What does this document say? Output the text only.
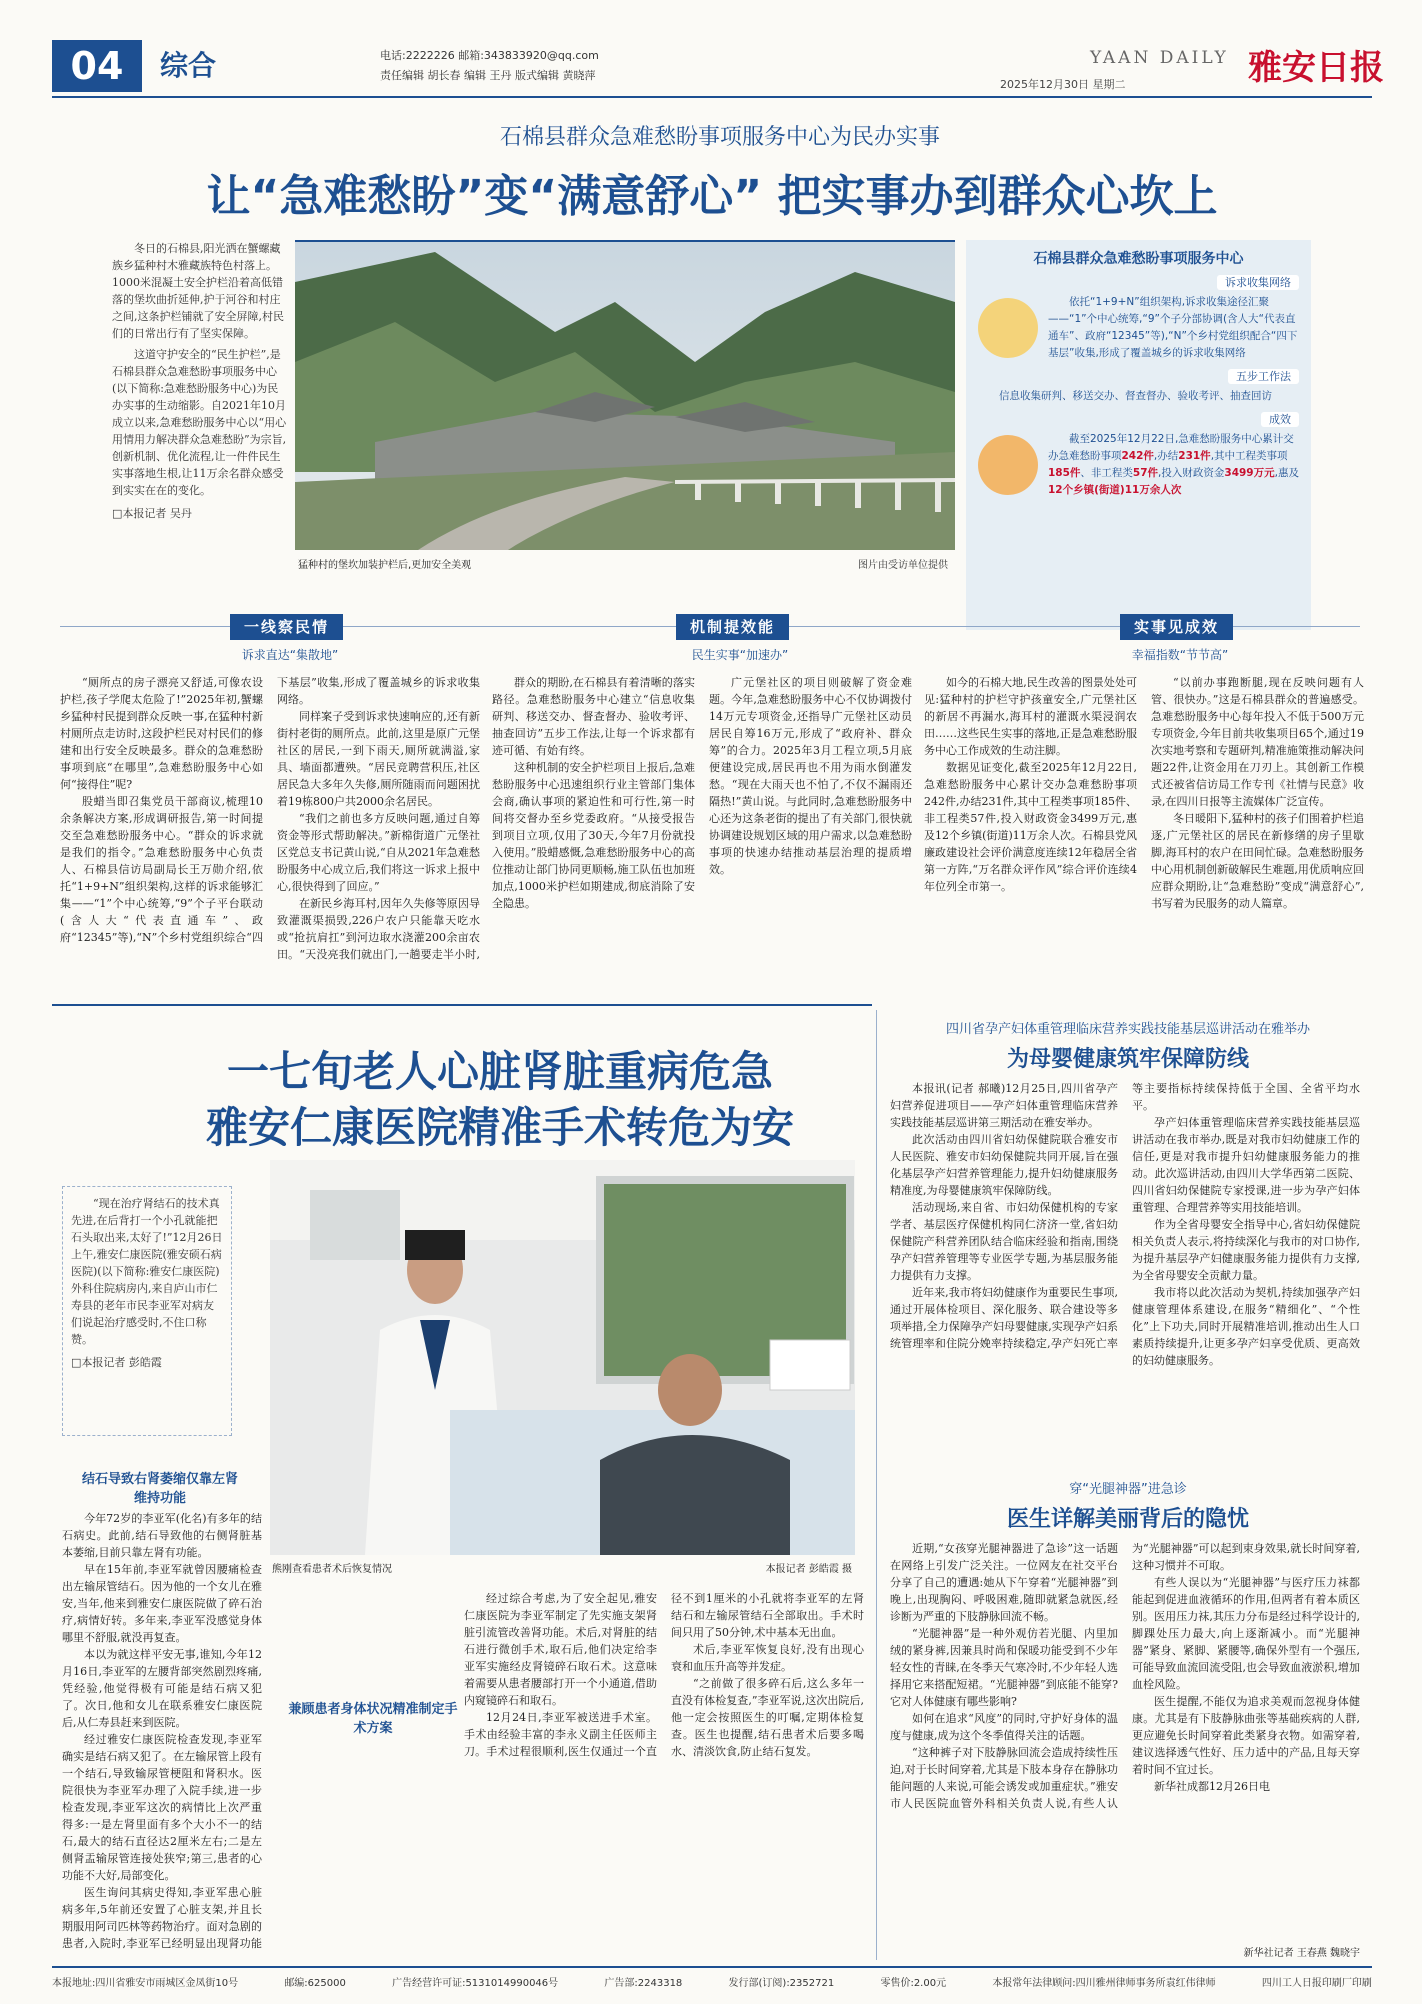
04	综合	电话:2222226 邮箱:343833920@qq.com
责任编辑 胡长春 编辑 王丹 版式编辑 黄晓萍
YAAN DAILY 雅安日报
2025年12月30日 星期二
石棉县群众急难愁盼事项服务中心为民办实事
让“急难愁盼”变“满意舒心” 把实事办到群众心坎上

冬日的石棉县,阳光洒在蟹螺藏族乡猛种村木雅藏族特色村落上。1000米混凝土安全护栏沿着高低错落的堡坎曲折延伸,护于河谷和村庄之间,这条护栏铺就了安全屏障,村民们的日常出行有了坚实保障。

这道守护安全的“民生护栏”,是石棉县群众急难愁盼事项服务中心(以下简称:急难愁盼服务中心)为民办实事的生动缩影。自2021年10月成立以来,急难愁盼服务中心以“用心用情用力解决群众急难愁盼”为宗旨,创新机制、优化流程,让一件件民生实事落地生根,让11万余名群众感受到实实在在的变化。

□本报记者 吴丹
猛种村的堡坎加装护栏后,更加安全美观	图片由受访单位提供
石棉县群众急难愁盼事项服务中心
诉求收集网络

依托“1+9+N”组织架构,诉求收集途径汇聚——“1”个中心统筹,“9”个子分部协调(含人大“代表直通车”、政府“12345”等),“N”个乡村党组织配合“四下基层”收集,形成了覆盖城乡的诉求收集网络

五步工作法

信息收集研判、移送交办、督查督办、验收考评、抽查回访

成效

截至2025年12月22日,急难愁盼服务中心累计交办急难愁盼事项242件,办结231件,其中工程类事项185件、非工程类57件,投入财政资金3499万元,惠及12个乡镇(街道)11万余人次

一线察民情
诉求直达“集散地”

“厕所点的房子漂亮又舒适,可像农设护栏,孩子学爬太危险了!”2025年初,蟹螺乡猛种村民提到群众反映一事,在猛种村新村厕所点走访时,这段护栏民对村民们的修建和出行安全反映最多。群众的急难愁盼事项到底“在哪里”,急难愁盼服务中心如何“接得住”呢?

股蜡当即召集党员干部商议,梳理10余条解决方案,形成调研报告,第一时间提交至急难愁盼服务中心。“群众的诉求就是我们的指令。”急难愁盼服务中心负责人、石棉县信访局副局长王万勋介绍,依托“1+9+N”组织架构,这样的诉求能够汇集——“1”个中心统筹,“9”个子平台联动(含人大“代表直通车”、政府“12345”等),“N”个乡村党组织综合“四下基层”收集,形成了覆盖城乡的诉求收集网络。

同样案子受到诉求快速响应的,还有新街村老街的厕所点。此前,这里是原广元堡社区的居民,一到下雨天,厕所就满溢,家具、墙面都遭殃。“居民竞聘营积压,社区居民急大多年久失修,厕所随雨而问题困扰着19栋800户共2000余名居民。

“我们之前也多方反映问题,通过自筹资金等形式帮助解决。”新棉街道广元堡社区党总支书记黄山说,“自从2021年急难愁盼服务中心成立后,我们将这一诉求上报中心,很快得到了回应。”

在新民乡海耳村,因年久失修等原因导致灌溉渠损毁,226户农户只能靠天吃水或“抢抗肩扛”到河边取水浇灌200余亩农田。“天没亮我们就出门,一趟要走半小时,

机制提效能
民生实事“加速办”

群众的期盼,在石棉县有着清晰的落实路径。急难愁盼服务中心建立“信息收集研判、移送交办、督查督办、验收考评、抽查回访”五步工作法,让每一个诉求都有迹可循、有始有终。

这种机制的安全护栏项目上报后,急难愁盼服务中心迅速组织行业主管部门集体会商,确认事项的紧迫性和可行性,第一时间将交督办至乡党委政府。“从接受报告到项目立项,仅用了30天,今年7月份就投入使用。”股蜡感慨,急难愁盼服务中心的高位推动让部门协同更顺畅,施工队伍也加班加点,1000米护栏如期建成,彻底消除了安全隐患。

广元堡社区的项目则破解了资金难题。今年,急难愁盼服务中心不仅协调拨付14万元专项资金,还指导广元堡社区动员居民自筹16万元,形成了“政府补、群众筹”的合力。2025年3月工程立项,5月底便建设完成,居民再也不用为雨水倒灌发愁。“现在大雨天也不怕了,不仅不漏雨还隔热!”黄山说。与此同时,急难愁盼服务中心还为这条老街的提出了有关部门,很快就协调建设规划区域的用户需求,以急难愁盼事项的快速办结推动基层治理的提质增效。

实事见成效
幸福指数“节节高”

如今的石棉大地,民生改善的图景处处可见:猛种村的护栏守护孩童安全,广元堡社区的新居不再漏水,海耳村的灌溉水渠浸润农田……这些民生实事的落地,正是急难愁盼服务中心工作成效的生动注脚。

数据见证变化,截至2025年12月22日,急难愁盼服务中心累计交办急难愁盼事项242件,办结231件,其中工程类事项185件、非工程类57件,投入财政资金3499万元,惠及12个乡镇(街道)11万余人次。石棉县党风廉政建设社会评价满意度连续12年稳居全省第一方阵,“万名群众评作风”综合评价连续4年位列全市第一。

“以前办事跑断腿,现在反映问题有人管、很快办。”这是石棉县群众的普遍感受。急难愁盼服务中心每年投入不低于500万元专项资金,今年目前共收集项目65个,通过19次实地考察和专题研判,精准施策推动解决问题22件,让资金用在刀刃上。其创新工作模式还被省信访局工作专刊《社情与民意》收录,在四川日报等主流媒体广泛宣传。

冬日暖阳下,猛种村的孩子们围着护栏追逐,广元堡社区的居民在新修缮的房子里歇脚,海耳村的农户在田间忙碌。急难愁盼服务中心用机制创新破解民生难题,用优质响应回应群众期盼,让“急难愁盼”变成“满意舒心”,书写着为民服务的动人篇章。

一七旬老人心脏肾脏重病危急
雅安仁康医院精准手术转危为安

“现在治疗肾结石的技术真先进,在后背打一个小孔就能把石头取出来,太好了!”12月26日上午,雅安仁康医院(雅安硕石病医院)(以下简称:雅安仁康医院)外科住院病房内,来自庐山市仁寿县的老年市民李亚军对病友们说起治疗感受时,不住口称赞。

□本报记者 彭皓霞
熊刚查看患者术后恢复情况	本报记者 彭皓霞 摄
结石导致右肾萎缩仅靠左肾维持功能

今年72岁的李亚军(化名)有多年的结石病史。此前,结石导致他的右侧肾脏基本萎缩,目前只靠左肾有功能。

早在15年前,李亚军就曾因腰痛检查出左输尿管结石。因为他的一个女儿在雅安,当年,他来到雅安仁康医院做了碎石治疗,病情好转。多年来,李亚军没感觉身体哪里不舒服,就没再复查。

本以为就这样平安无事,谁知,今年12月16日,李亚军的左腰背部突然剧烈疼痛,凭经验,他觉得极有可能是结石病又犯了。次日,他和女儿在联系雅安仁康医院后,从仁寿县赶来到医院。

经过雅安仁康医院检查发现,李亚军确实是结石病又犯了。在左输尿管上段有一个结石,导致输尿管梗阻和肾积水。医院很快为李亚军办理了入院手续,进一步检查发现,李亚军这次的病情比上次严重得多:一是左肾里面有多个大小不一的结石,最大的结石直径达2厘米左右;二是左侧肾盂输尿管连接处狭窄;第三,患者的心功能不大好,局部变化。

医生询问其病史得知,李亚军患心脏病多年,5年前还安置了心脏支架,并且长期服用阿司匹林等药物治疗。面对急剧的患者,入院时,李亚军已经明显出现肾功能

兼顾患者身体状况精准制定手术方案

经过综合考虑,为了安全起见,雅安仁康医院为李亚军制定了先实施支架肾脏引流管改善肾功能。术后,对肾脏的结石进行微创手术,取石后,他们决定给李亚军实施经皮肾镜碎石取石术。这意味着需要从患者腰部打开一个小通道,借助内窥镜碎石和取石。

12月24日,李亚军被送进手术室。手术由经验丰富的李永义副主任医师主刀。手术过程很顺利,医生仅通过一个直径不到1厘米的小孔就将李亚军的左肾结石和左输尿管结石全部取出。手术时间只用了50分钟,术中基本无出血。

术后,李亚军恢复良好,没有出现心衰和血压升高等并发症。

“之前做了很多碎石后,这么多年一直没有体检复查,”李亚军说,这次出院后,他一定会按照医生的叮嘱,定期体检复查。医生也提醒,结石患者术后要多喝水、清淡饮食,防止结石复发。

四川省孕产妇体重管理临床营养实践技能基层巡讲活动在雅举办
为母婴健康筑牢保障防线

本报讯(记者 郝曦)12月25日,四川省孕产妇营养促进项目——孕产妇体重管理临床营养实践技能基层巡讲第三期活动在雅安举办。

此次活动由四川省妇幼保健院联合雅安市人民医院、雅安市妇幼保健院共同开展,旨在强化基层孕产妇营养管理能力,提升妇幼健康服务精准度,为母婴健康筑牢保障防线。

活动现场,来自省、市妇幼保健机构的专家学者、基层医疗保健机构同仁济济一堂,省妇幼保健院产科营养团队结合临床经验和指南,围绕孕产妇营养管理等专业医学专题,为基层服务能力提供有力支撑。

近年来,我市将妇幼健康作为重要民生事项,通过开展体检项目、深化服务、联合建设等多项举措,全力保障孕产妇母婴健康,实现孕产妇系统管理率和住院分娩率持续稳定,孕产妇死亡率等主要指标持续保持低于全国、全省平均水平。

孕产妇体重管理临床营养实践技能基层巡讲活动在我市举办,既是对我市妇幼健康工作的信任,更是对我市提升妇幼健康服务能力的推动。此次巡讲活动,由四川大学华西第二医院、四川省妇幼保健院专家授课,进一步为孕产妇体重管理、合理营养等实用技能培训。

作为全省母婴安全指导中心,省妇幼保健院相关负责人表示,将持续深化与我市的对口协作,为提升基层孕产妇健康服务能力提供有力支撑,为全省母婴安全贡献力量。

我市将以此次活动为契机,持续加强孕产妇健康管理体系建设,在服务“精细化”、“个性化”上下功夫,同时开展精准培训,推动出生人口素质持续提升,让更多孕产妇享受优质、更高效的妇幼健康服务。

穿“光腿神器”进急诊
医生详解美丽背后的隐忧

近期,“女孩穿光腿神器进了急诊”这一话题在网络上引发广泛关注。一位网友在社交平台分享了自己的遭遇:她从下午穿着“光腿神器”到晚上,出现胸闷、呼吸困难,随即就紧急就医,经诊断为严重的下肢静脉回流不畅。

“光腿神器”是一种外观仿若光腿、内里加绒的紧身裤,因兼具时尚和保暖功能受到不少年轻女性的青睐,在冬季天气寒冷时,不少年轻人选择用它来搭配短裙。“光腿神器”到底能不能穿?它对人体健康有哪些影响?

如何在追求“风度”的同时,守护好身体的温度与健康,成为这个冬季值得关注的话题。

“这种裤子对下肢静脉回流会造成持续性压迫,对于长时间穿着,尤其是下肢本身存在静脉功能问题的人来说,可能会诱发或加重症状。”雅安市人民医院血管外科相关负责人说,有些人认为“光腿神器”可以起到束身效果,就长时间穿着,这种习惯并不可取。

有些人误以为“光腿神器”与医疗压力袜都能起到促进血液循环的作用,但两者有着本质区别。医用压力袜,其压力分布是经过科学设计的,脚踝处压力最大,向上逐渐减小。而“光腿神器”紧身、紧脚、紧腰等,确保外型有一个强压,可能导致血流回流受阻,也会导致血液淤积,增加血栓风险。

医生提醒,不能仅为追求美观而忽视身体健康。尤其是有下肢静脉曲张等基础疾病的人群,更应避免长时间穿着此类紧身衣物。如需穿着,建议选择透气性好、压力适中的产品,且每天穿着时间不宜过长。

新华社成都12月26日电

新华社记者 王春燕 魏晓宇
本报地址:四川省雅安市雨城区金凤街10号	邮编:625000	广告经营许可证:5131014990046号	广告部:2243318	发行部(订阅):2352721	零售价:2.00元	本报常年法律顾问:四川雅州律师事务所袁红伟律师	四川工人日报印刷厂印刷
